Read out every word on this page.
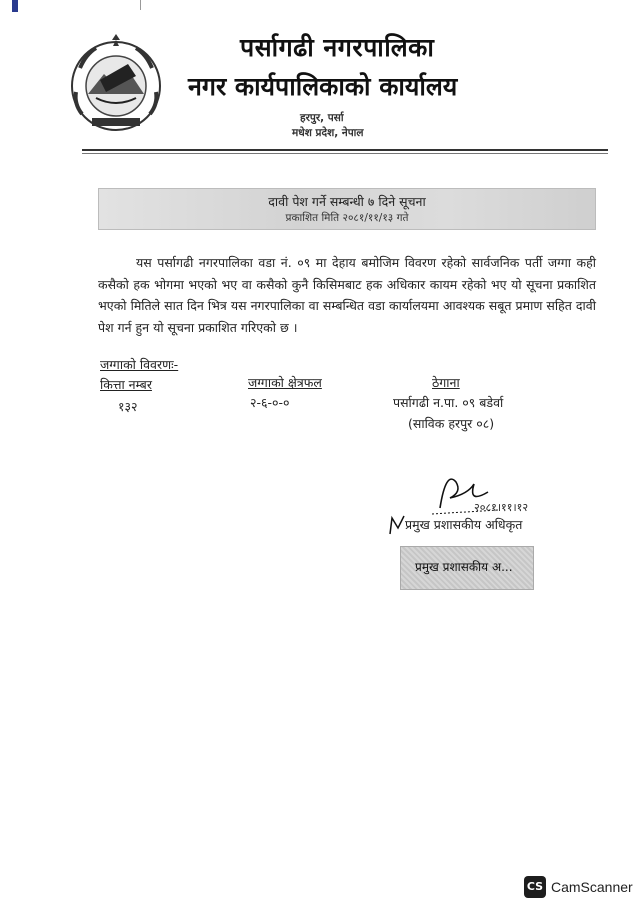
पर्सागढी नगरपालिका
नगर कार्यपालिकाको कार्यालय
हरपुर, पर्सा
मधेश प्रदेश, नेपाल
दावी पेश गर्ने सम्बन्धी ७ दिने सूचना
प्रकाशित मिति २०८१/११/१३ गते
यस पर्सागढी नगरपालिका वडा नं. ०९ मा देहाय बमोजिम विवरण रहेको सार्वजनिक पर्ती जग्गा कही कसैको हक भोगमा भएको भए वा कसैको कुनै किसिमबाट हक अधिकार कायम रहेको भए यो सूचना प्रकाशित भएको मितिले सात दिन भित्र यस नगरपालिका वा सम्बन्धित वडा कार्यालयमा आवश्यक सबूत प्रमाण सहित दावी पेश गर्न हुन यो सूचना प्रकाशित गरिएको छ ।
जग्गाको विवरणः-
कित्ता नम्बर	जग्गाको क्षेत्रफल	ठेगाना
१३२	२-६-०-०	पर्सागढी न.पा. ०९ बडेर्वा
(साविक हरपुर ०८)
२०८१।११।१२
प्रमुख प्रशासकीय अधिकृत
प्रमुख प्रशासकीय अ...
CS CamScanner
